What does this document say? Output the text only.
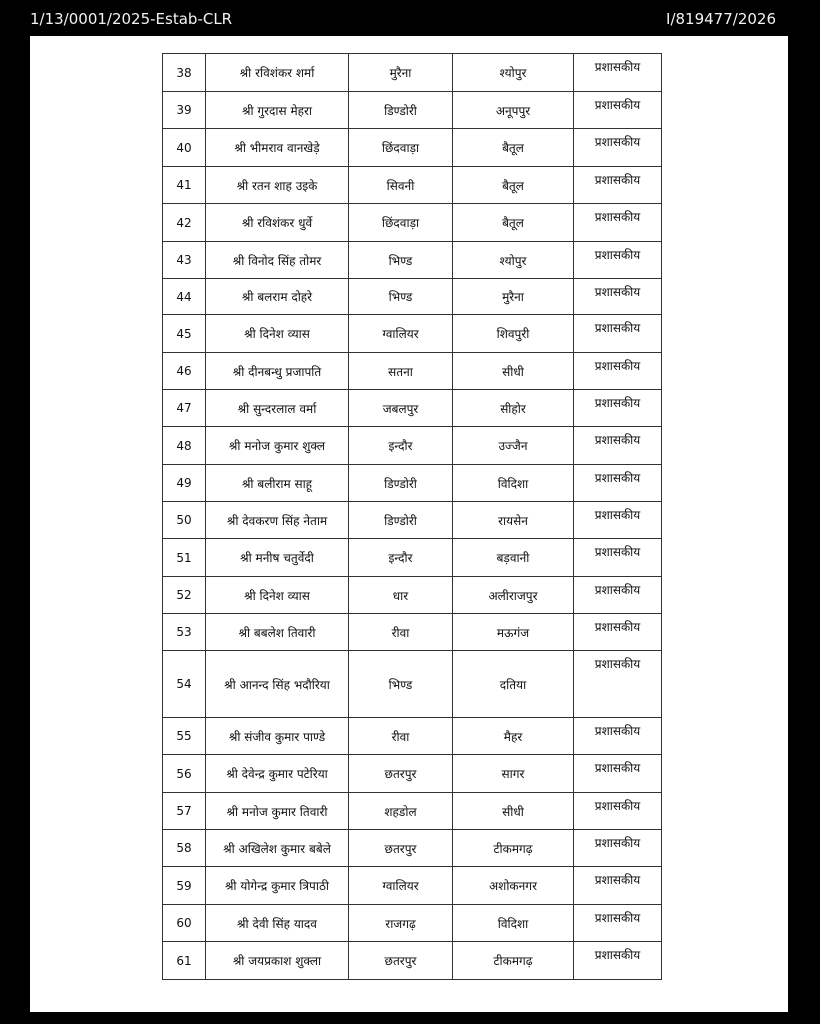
1/13/0001/2025-Estab-CLR	I/819477/2026
38	श्री रविशंकर शर्मा	मुरैना	श्योपुर	प्रशासकीय
39	श्री गुरदास मेहरा	डिण्डोरी	अनूपपुर	प्रशासकीय
40	श्री भीमराव वानखेड़े	छिंदवाड़ा	बैतूल	प्रशासकीय
41	श्री रतन शाह उइके	सिवनी	बैतूल	प्रशासकीय
42	श्री रविशंकर धुर्वे	छिंदवाड़ा	बैतूल	प्रशासकीय
43	श्री विनोद सिंह तोमर	भिण्ड	श्योपुर	प्रशासकीय
44	श्री बलराम दोहरे	भिण्ड	मुरैना	प्रशासकीय
45	श्री दिनेश व्यास	ग्वालियर	शिवपुरी	प्रशासकीय
46	श्री दीनबन्धु प्रजापति	सतना	सीधी	प्रशासकीय
47	श्री सुन्दरलाल वर्मा	जबलपुर	सीहोर	प्रशासकीय
48	श्री मनोज कुमार शुक्ल	इन्दौर	उज्जैन	प्रशासकीय
49	श्री बलीराम साहू	डिण्डोरी	विदिशा	प्रशासकीय
50	श्री देवकरण सिंह नेताम	डिण्डोरी	रायसेन	प्रशासकीय
51	श्री मनीष चतुर्वेदी	इन्दौर	बड़वानी	प्रशासकीय
52	श्री दिनेश व्यास	धार	अलीराजपुर	प्रशासकीय
53	श्री बबलेश तिवारी	रीवा	मऊगंज	प्रशासकीय
54	श्री आनन्द सिंह भदौरिया	भिण्ड	दतिया	प्रशासकीय
55	श्री संजीव कुमार पाण्डे	रीवा	मैहर	प्रशासकीय
56	श्री देवेन्द्र कुमार पटेरिया	छतरपुर	सागर	प्रशासकीय
57	श्री मनोज कुमार तिवारी	शहडोल	सीधी	प्रशासकीय
58	श्री अखिलेश कुमार बबेले	छतरपुर	टीकमगढ़	प्रशासकीय
59	श्री योगेन्द्र कुमार त्रिपाठी	ग्वालियर	अशोकनगर	प्रशासकीय
60	श्री देवी सिंह यादव	राजगढ़	विदिशा	प्रशासकीय
61	श्री जयप्रकाश शुक्ला	छतरपुर	टीकमगढ़	प्रशासकीय
